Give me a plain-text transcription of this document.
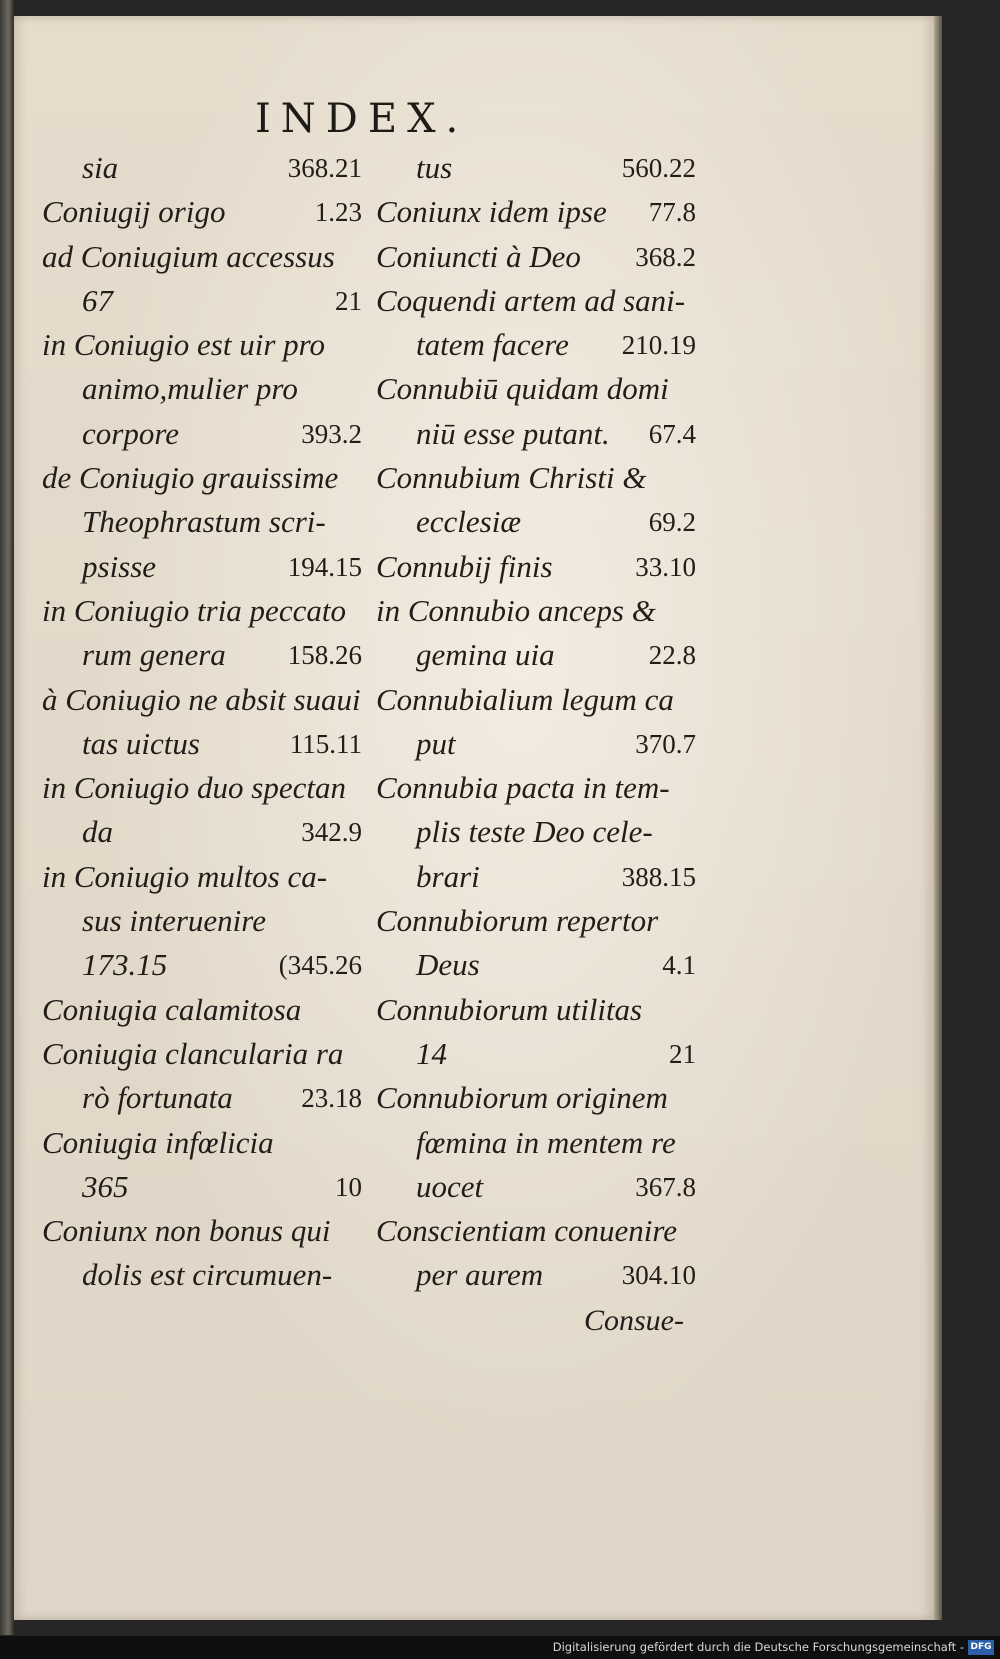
INDEX.
sia	368.21
Coniugij origo	1.23
ad Coniugium accessus
67	21
in Coniugio est uir pro
animo,mulier pro
corpore	393.2
de Coniugio grauissime
Theophrastum scri-
psisse	194.15
in Coniugio tria peccato
rum genera 158.26
à Coniugio ne absit suaui
tas uictus	115.11
in Coniugio duo spectan
da	342.9
in Coniugio multos ca-
sus interuenire
173.15	(345.26
Coniugia calamitosa
Coniugia clancularia ra
rò fortunata	23.18
Coniugia infœlicia
365	10
Coniunx non bonus qui
dolis est circumuen-
tus	560.22
Coniunx idem ipse 77.8
Coniuncti à Deo 368.2
Coquendi artem ad sani-
tatem facere 210.19
Connubiū quidam domi
niū esse putant. 67.4
Connubium Christi &
ecclesiæ	69.2
Connubij finis	33.10
in Connubio anceps &
gemina uia	22.8
Connubialium legum ca
put	370.7
Connubia pacta in tem-
plis teste Deo cele-
brari	388.15
Connubiorum repertor
Deus	4.1
Connubiorum utilitas
14	21
Connubiorum originem
fœmina in mentem re
uocet	367.8
Conscientiam conuenire
per aurem	304.10
Consue-
Digitalisierung gefördert durch die Deutsche Forschungsgemeinschaft - DFG
